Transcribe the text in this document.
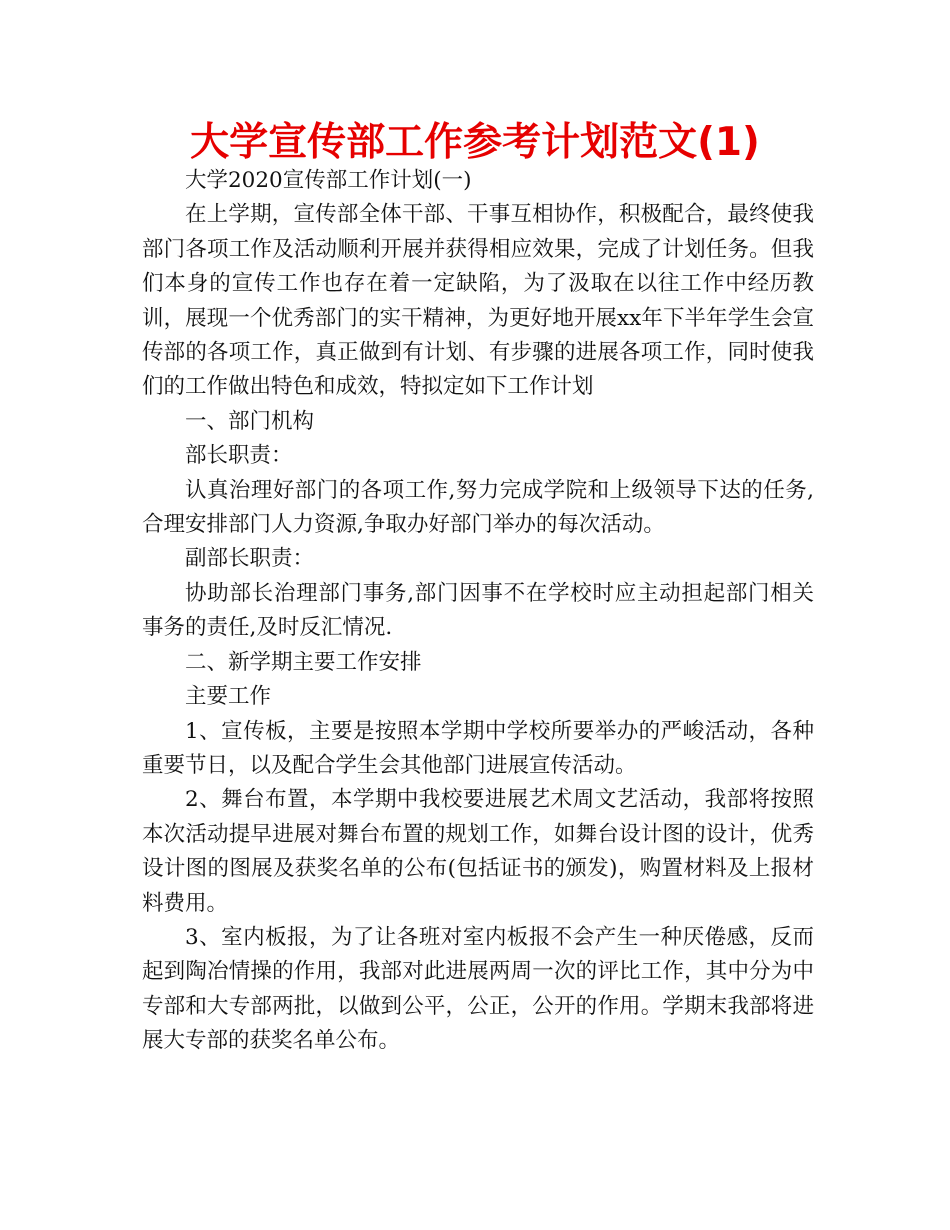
大学宣传部工作参考计划范文(1)

大学2020宣传部工作计划(一)

在上学期，宣传部全体干部、干事互相协作，积极配合，最终使我部门各项工作及活动顺利开展并获得相应效果，完成了计划任务。但我们本身的宣传工作也存在着一定缺陷，为了汲取在以往工作中经历教训，展现一个优秀部门的实干精神，为更好地开展xx年下半年学生会宣传部的各项工作，真正做到有计划、有步骤的进展各项工作，同时使我们的工作做出特色和成效，特拟定如下工作计划

一、部门机构

部长职责：

认真治理好部门的各项工作,努力完成学院和上级领导下达的任务,合理安排部门人力资源,争取办好部门举办的每次活动。

副部长职责：

协助部长治理部门事务,部门因事不在学校时应主动担起部门相关事务的责任,及时反汇情况.

二、新学期主要工作安排

主要工作

1、宣传板，主要是按照本学期中学校所要举办的严峻活动，各种重要节日，以及配合学生会其他部门进展宣传活动。

2、舞台布置，本学期中我校要进展艺术周文艺活动，我部将按照本次活动提早进展对舞台布置的规划工作，如舞台设计图的设计，优秀设计图的图展及获奖名单的公布(包括证书的颁发)，购置材料及上报材料费用。

3、室内板报，为了让各班对室内板报不会产生一种厌倦感，反而起到陶冶情操的作用，我部对此进展两周一次的评比工作，其中分为中专部和大专部两批，以做到公平，公正，公开的作用。学期末我部将进展大专部的获奖名单公布。
